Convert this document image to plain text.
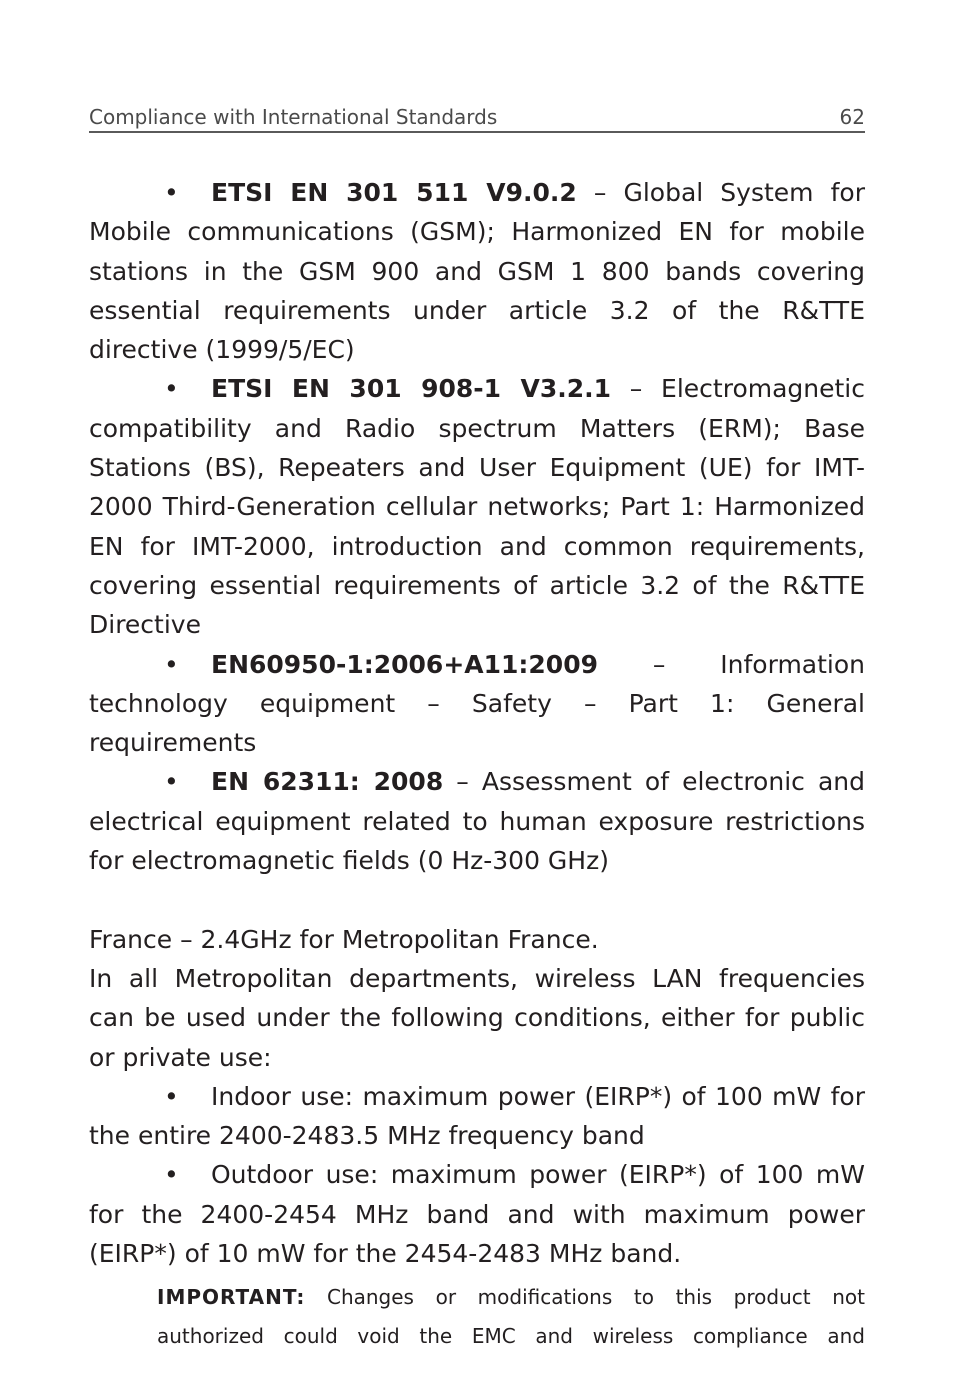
Compliance with International Standards	62

• ETSI EN 301 511 V9.0.2 – Global System for Mobile communications (GSM); Harmonized EN for mobile stations in the GSM 900 and GSM 1 800 bands covering essential requirements under article 3.2 of the R&TTE directive (1999/5/EC)

• ETSI EN 301 908-1 V3.2.1 – Electromagnetic compatibility and Radio spectrum Matters (ERM); Base Stations (BS), Repeaters and User Equipment (UE) for IMT-2000 Third-Generation cellular networks; Part 1: Harmonized EN for IMT-2000, introduction and common requirements, covering essential requirements of article 3.2 of the R&TTE Directive

• EN60950-1:2006+A11:2009 – Information technology equipment – Safety – Part 1: General requirements

• EN 62311: 2008 – Assessment of electronic and electrical equipment related to human exposure restrictions for electromagnetic fields (0 Hz-300 GHz)

France – 2.4GHz for Metropolitan France.

In all Metropolitan departments, wireless LAN frequencies can be used under the following conditions, either for public or private use:

• Indoor use: maximum power (EIRP*) of 100 mW for the entire 2400-2483.5 MHz frequency band

• Outdoor use: maximum power (EIRP*) of 100 mW for the 2400-2454 MHz band and with maximum power (EIRP*) of 10 mW for the 2454-2483 MHz band.

IMPORTANT: Changes or modifications to this product not authorized could void the EMC and wireless compliance and
